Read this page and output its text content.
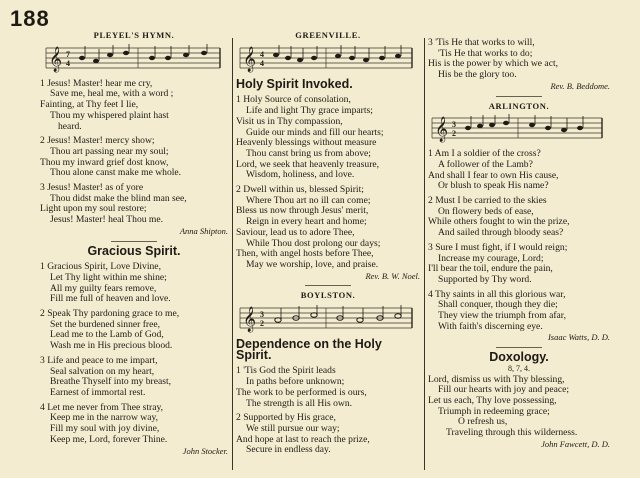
188
PLEYEL'S HYMN.
𝄞 7
4
1 Jesus! Master! hear me cry,
Save me, heal me, with a word ;
Fainting, at Thy feet I lie,
Thou my whispered plaint hast
heard.
2 Jesus! Master! mercy show;
Thou art passing near my soul;
Thou my inward grief dost know,
Thou alone canst make me whole.
3 Jesus! Master! as of yore
Thou didst make the blind man see,
Light upon my soul restore;
Jesus! Master! heal Thou me.
Anna Shipton.
Gracious Spirit.
1 Gracious Spirit, Love Divine,
Let Thy light within me shine;
All my guilty fears remove,
Fill me full of heaven and love.
2 Speak Thy pardoning grace to me,
Set the burdened sinner free,
Lead me to the Lamb of God,
Wash me in His precious blood.
3 Life and peace to me impart,
Seal salvation on my heart,
Breathe Thyself into my breast,
Earnest of immortal rest.
4 Let me never from Thee stray,
Keep me in the narrow way,
Fill my soul with joy divine,
Keep me, Lord, forever Thine.
John Stocker.
GREENVILLE.
𝄞 4
4
Holy Spirit Invoked.
1 Holy Source of consolation,
Life and light Thy grace imparts;
Visit us in Thy compassion,
Guide our minds and fill our hearts;
Heavenly blessings without measure
Thou canst bring us from above;
Lord, we seek that heavenly treasure,
Wisdom, holiness, and love.
2 Dwell within us, blessed Spirit;
Where Thou art no ill can come;
Bless us now through Jesus' merit,
Reign in every heart and home;
Saviour, lead us to adore Thee,
While Thou dost prolong our days;
Then, with angel hosts before Thee,
May we worship, love, and praise.
Rev. B. W. Noel.
BOYLSTON.
𝄞 3
2
Dependence on the Holy Spirit.
1 'Tis God the Spirit leads
In paths before unknown;
The work to be performed is ours,
The strength is all His own.
2 Supported by His grace,
We still pursue our way;
And hope at last to reach the prize,
Secure in endless day.
3 'Tis He that works to will,
'Tis He that works to do;
His is the power by which we act,
His be the glory too.
Rev. B. Beddome.
ARLINGTON.
𝄞 3
2
1 Am I a soldier of the cross?
A follower of the Lamb?
And shall I fear to own His cause,
Or blush to speak His name?
2 Must I be carried to the skies
On flowery beds of ease,
While others fought to win the prize,
And sailed through bloody seas?
3 Sure I must fight, if I would reign;
Increase my courage, Lord;
I'll bear the toil, endure the pain,
Supported by Thy word.
4 Thy saints in all this glorious war,
Shall conquer, though they die;
They view the triumph from afar,
With faith's discerning eye.
Isaac Watts, D. D.
Doxology.
8, 7, 4.
Lord, dismiss us with Thy blessing,
Fill our hearts with joy and peace;
Let us each, Thy love possessing,
Triumph in redeeming grace;
O refresh us,
Traveling through this wilderness.
John Fawcett, D. D.
